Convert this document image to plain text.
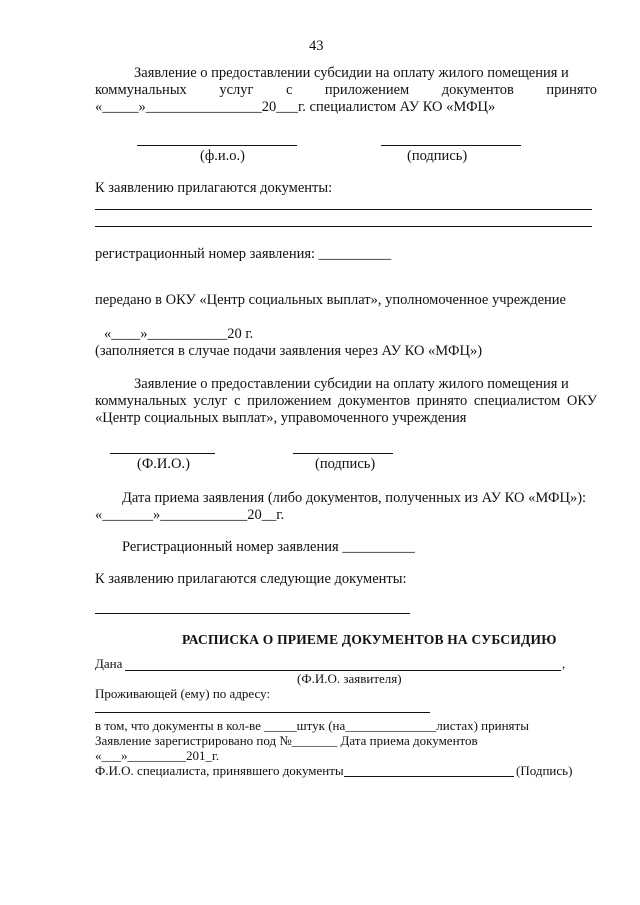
43
Заявление о предоставлении субсидии на оплату жилого помещения и
коммунальных услуг с приложением документов принято
«_____»________________20___г. специалистом АУ КО «МФЦ»
(ф.и.о.)	(подпись)
К заявлению прилагаются документы:
регистрационный номер заявления: __________
передано в ОКУ «Центр социальных выплат», уполномоченное учреждение
«____»___________20 г.
(заполняется в случае подачи заявления через АУ КО «МФЦ»)
Заявление о предоставлении субсидии на оплату жилого помещения и
коммунальных услуг с приложением документов принято специалистом ОКУ
«Центр социальных выплат», управомоченного учреждения
(Ф.И.О.)	(подпись)
Дата приема заявления (либо документов, полученных из АУ КО «МФЦ»):
«_______»____________20__г.
Регистрационный номер заявления __________
К заявлению прилагаются следующие документы:
РАСПИСКА О ПРИЕМЕ ДОКУМЕНТОВ НА СУБСИДИЮ
Дана	,
(Ф.И.О. заявителя)
Проживающей (ему) по адресу:
в том, что документы в кол-ве _____штук (на______________листах) приняты
Заявление зарегистрировано под №_______ Дата приема документов
«___»_________201_г.
Ф.И.О. специалиста, принявшего документы	(Подпись)
